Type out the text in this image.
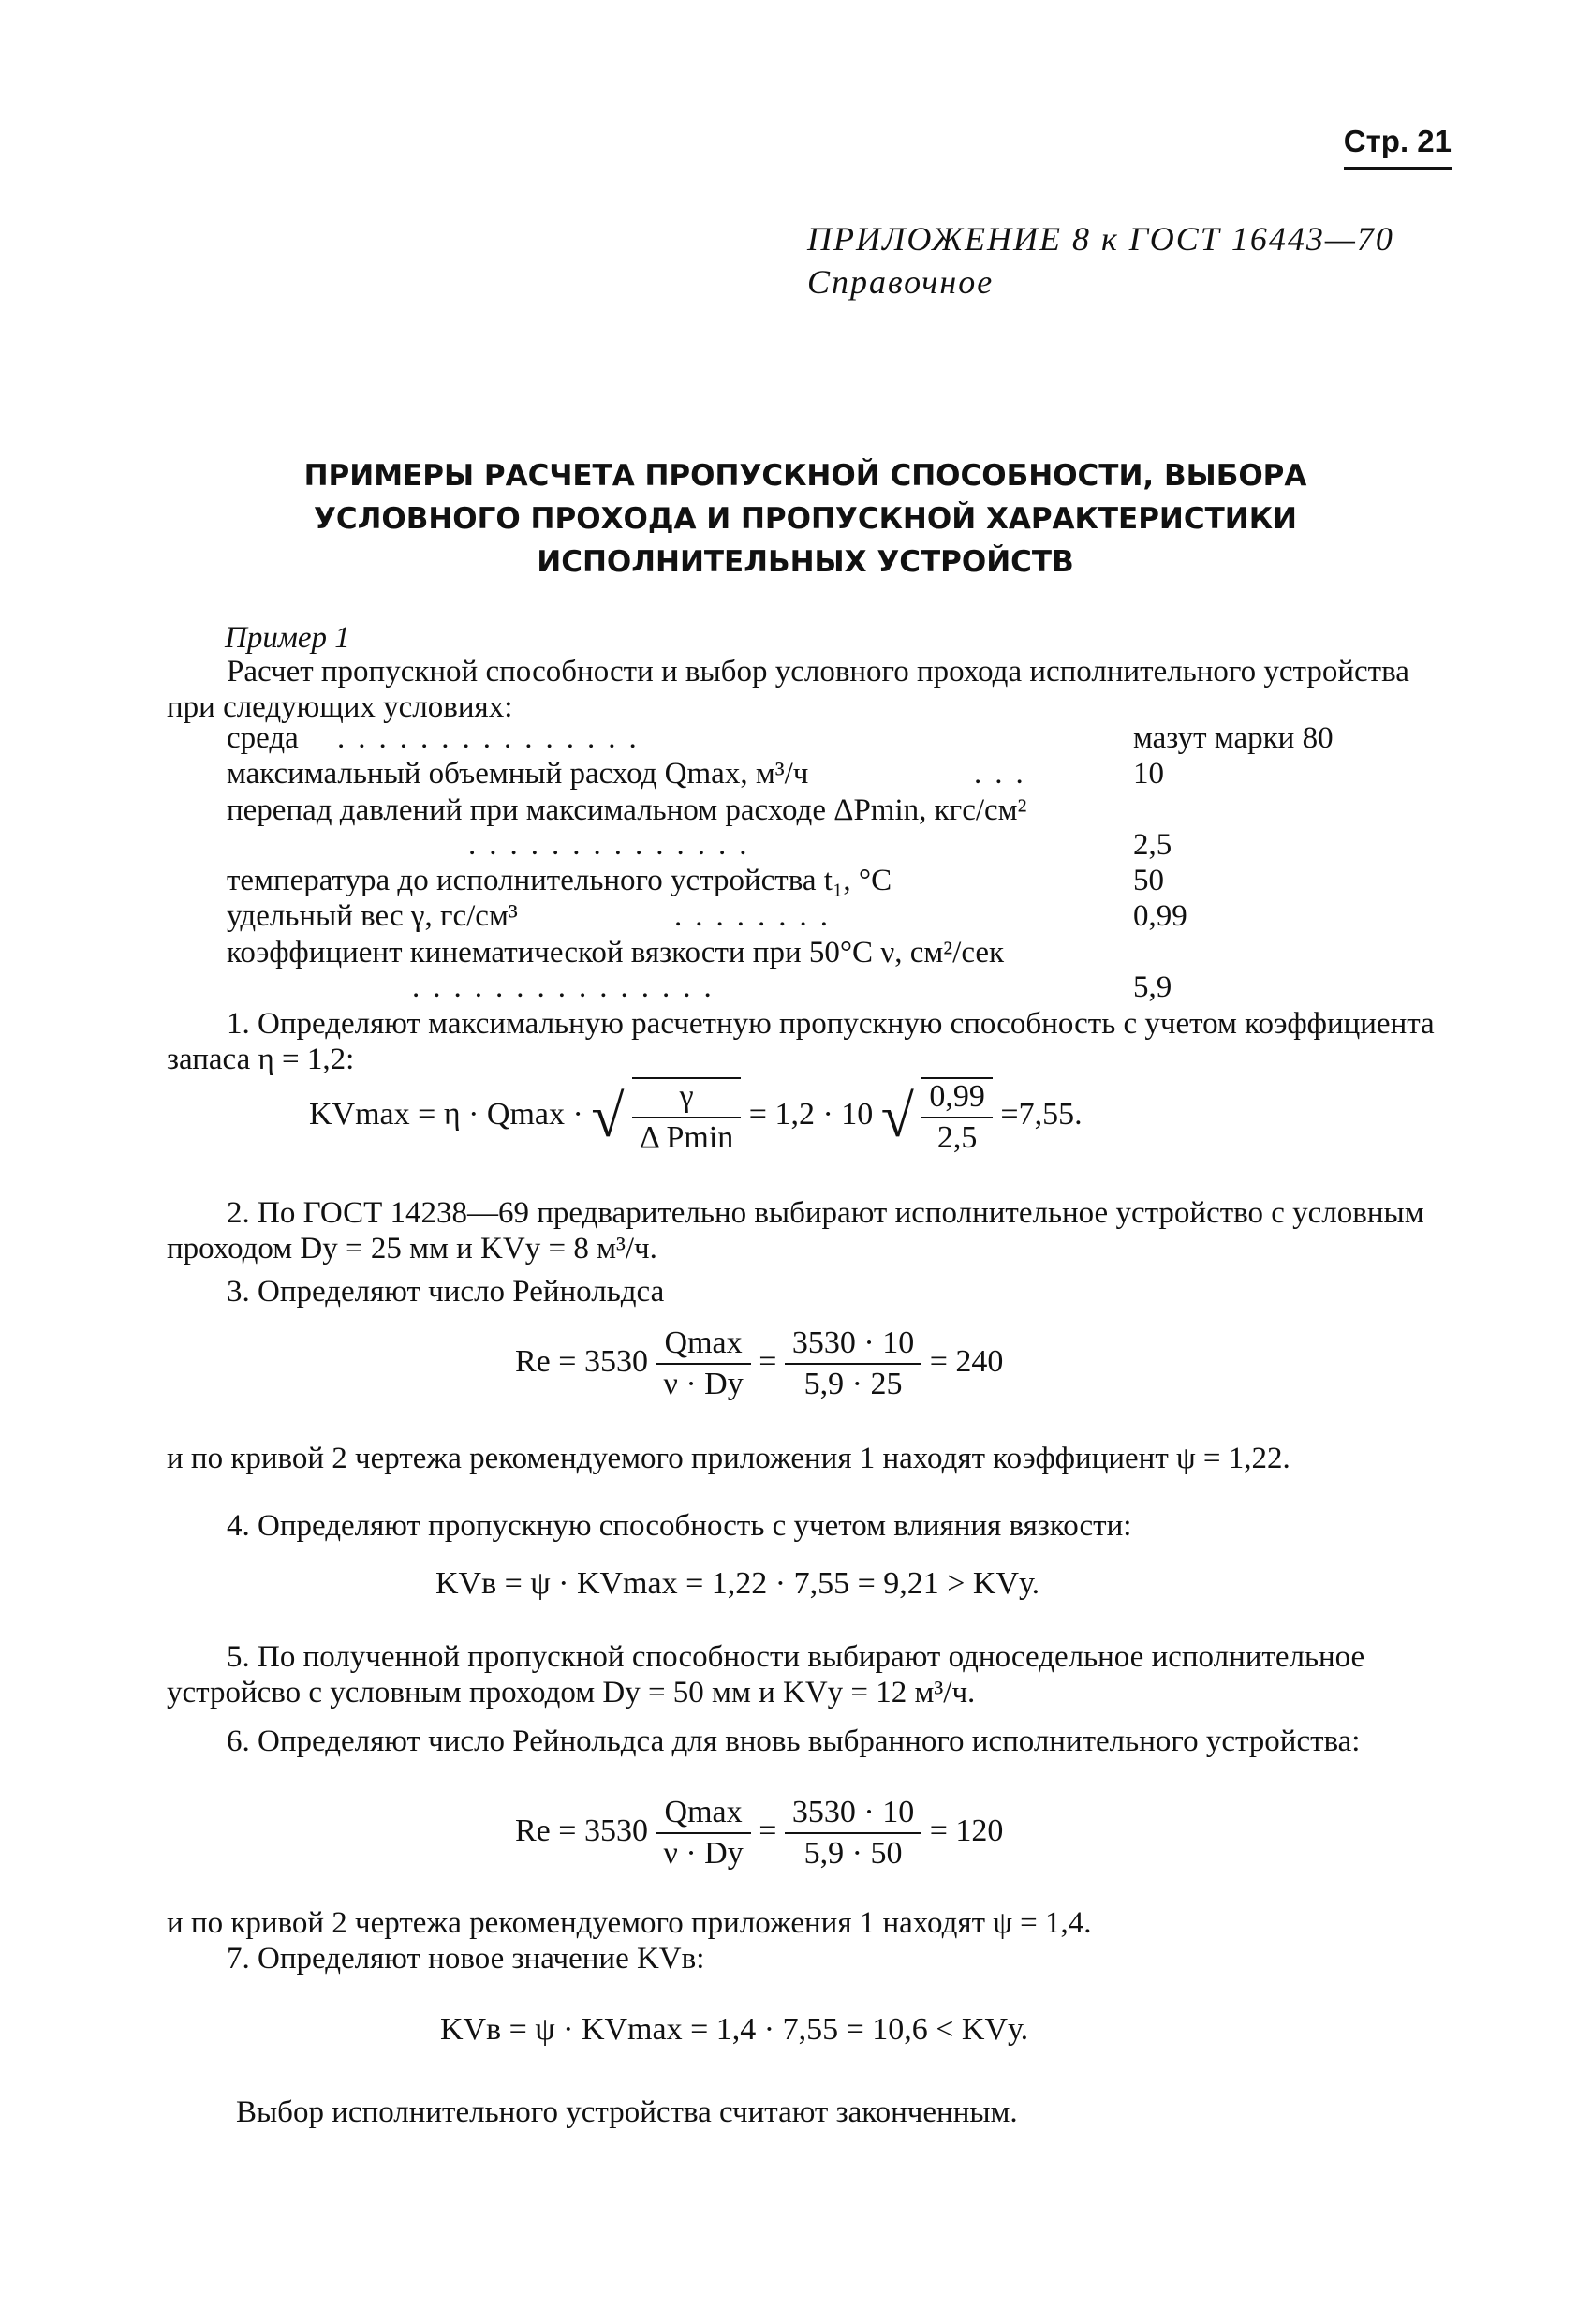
Стр. 21
ПРИЛОЖЕНИЕ 8 к ГОСТ 16443—70
Справочное
ПРИМЕРЫ РАСЧЕТА ПРОПУСКНОЙ СПОСОБНОСТИ, ВЫБОРА УСЛОВНОГО ПРОХОДА И ПРОПУСКНОЙ ХАРАКТЕРИСТИКИ ИСПОЛНИТЕЛЬНЫХ УСТРОЙСТВ
Пример 1
Расчет пропускной способности и выбор условного прохода исполнительного устройства при следующих условиях:
среда ...............	мазут марки 80
максимальный объемный расход Qmax, м³/ч	...	10
перепад давлений при максимальном расходе ΔPmin, кгс/см²
..............	2,5
температура до исполнительного устройства t₁, °С	50
удельный вес γ, гс/см³	........	0,99
коэффициент кинематической вязкости при 50°С ν, см²/сек
...............	5,9
1. Определяют максимальную расчетную пропускную способность с учетом коэффициента запаса η = 1,2:
KVmax = η · Qmax · √ $\frac{\gamma}{\text{Δ Pmin}} = 1,2 \cdot 10$ √ $\frac{0,99}{2,5} =7,55$.
2. По ГОСТ 14238—69 предварительно выбирают исполнительное устройство с условным проходом Dу = 25 мм и KVу = 8 м³/ч.
3. Определяют число Рейнольдса
$Re = 3530 \frac{Qmax}{\nu \cdot Dу} = \frac{3530 \cdot 10}{5,9 \cdot 25} = 240$
и по кривой 2 чертежа рекомендуемого приложения 1 находят коэффициент ψ = 1,22.
4. Определяют пропускную способность с учетом влияния вязкости:
KVв = ψ · KVmax = 1,22 · 7,55 = 9,21 > KVу.
5. По полученной пропускной способности выбирают односедельное исполнительное устройсво с условным проходом Dу = 50 мм и KVу = 12 м³/ч.
6. Определяют число Рейнольдса для вновь выбранного исполнительного устройства:
$Re = 3530 \frac{Qmax}{\nu \cdot Dу} = \frac{3530 \cdot 10}{5,9 \cdot 50} = 120$
и по кривой 2 чертежа рекомендуемого приложения 1 находят ψ = 1,4.
7. Определяют новое значение KVв:
KVв = ψ · KVmax = 1,4 · 7,55 = 10,6 < KVу.
Выбор исполнительного устройства считают законченным.
